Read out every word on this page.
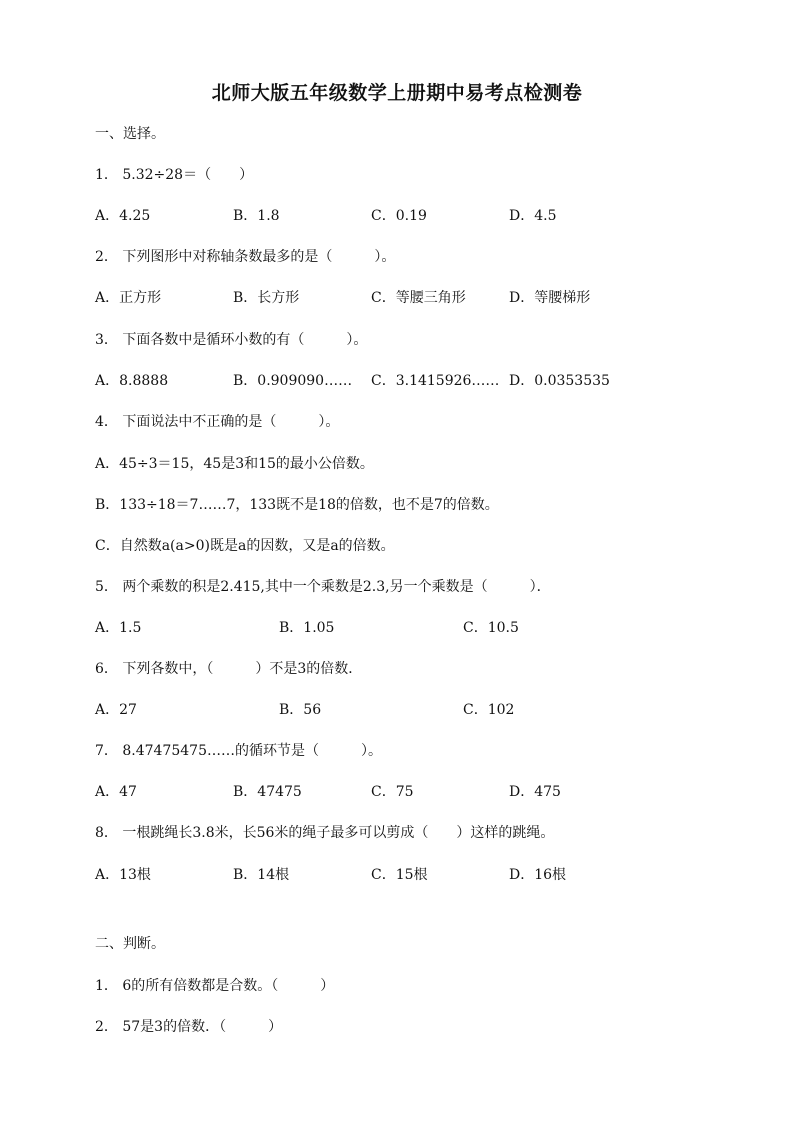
北师大版五年级数学上册期中易考点检测卷
一、选择。
1． 5.32÷28＝（　　）
A．4.25	B．1.8	C．0.19	D．4.5
2． 下列图形中对称轴条数最多的是（　　　）。
A．正方形	B．长方形	C．等腰三角形	D．等腰梯形
3． 下面各数中是循环小数的有（　　　）。
A．8.8888	B．0.909090…… C．3.1415926…… D．0.0353535
4． 下面说法中不正确的是（　　　）。
A．45÷3＝15，45是3和15的最小公倍数。
B．133÷18＝7……7，133既不是18的倍数，也不是7的倍数。
C．自然数a(a>0)既是a的因数，又是a的倍数。
5． 两个乘数的积是2.415,其中一个乘数是2.3,另一个乘数是（　　　）．
A．1.5	B．1.05	C．10.5
6． 下列各数中，（　　　）不是3的倍数．
A．27	B．56	C．102
7． 8.47475475……的循环节是（　　　）。
A．47	B．47475	C．75	D．475
8． 一根跳绳长3.8米，长56米的绳子最多可以剪成（　　）这样的跳绳。
A．13根	B．14根	C．15根	D．16根
二、判断。
1． 6的所有倍数都是合数。（　　　）
2． 57是3的倍数．（　　　）
